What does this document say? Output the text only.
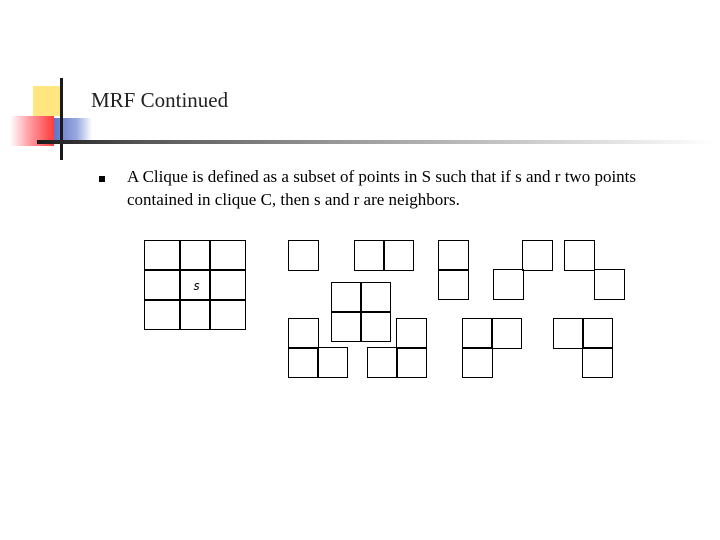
MRF Continued
A Clique is defined as a subset of points in S such that if s and r two points contained in clique C, then s and r are neighbors.
s
